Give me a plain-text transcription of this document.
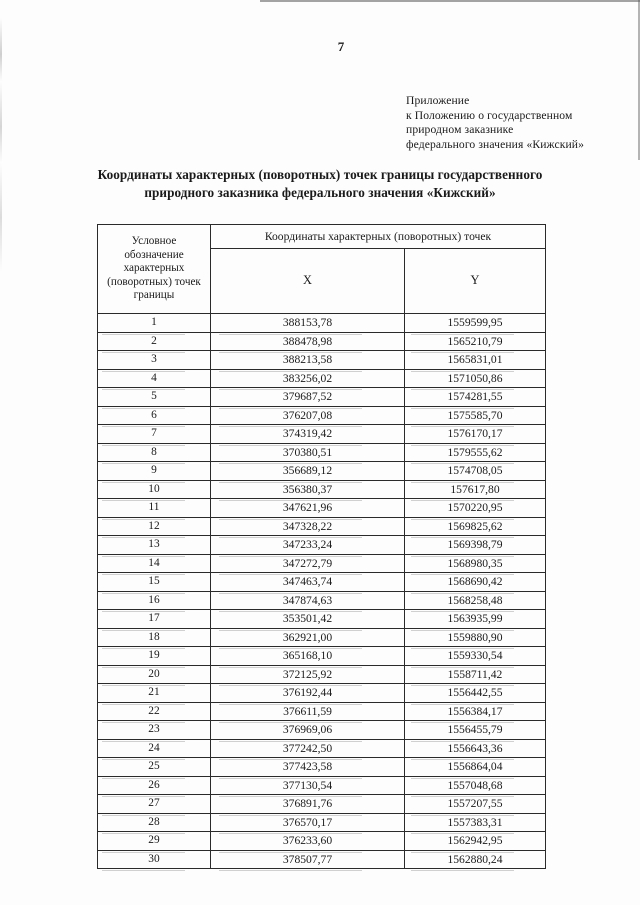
7
Приложение
к Положению о государственном
природном заказнике
федерального значения «Кижский»
Координаты характерных (поворотных) точек границы государственного
природного заказника федерального значения «Кижский»
Условное
обозначение
характерных
(поворотных) точек
границы	Координаты характерных (поворотных) точек	
	X	Y
1	388153,78	1559599,95
2	388478,98	1565210,79
3	388213,58	1565831,01
4	383256,02	1571050,86
5	379687,52	1574281,55
6	376207,08	1575585,70
7	374319,42	1576170,17
8	370380,51	1579555,62
9	356689,12	1574708,05
10	356380,37	157617,80
11	347621,96	1570220,95
12	347328,22	1569825,62
13	347233,24	1569398,79
14	347272,79	1568980,35
15	347463,74	1568690,42
16	347874,63	1568258,48
17	353501,42	1563935,99
18	362921,00	1559880,90
19	365168,10	1559330,54
20	372125,92	1558711,42
21	376192,44	1556442,55
22	376611,59	1556384,17
23	376969,06	1556455,79
24	377242,50	1556643,36
25	377423,58	1556864,04
26	377130,54	1557048,68
27	376891,76	1557207,55
28	376570,17	1557383,31
29	376233,60	1562942,95
30	378507,77	1562880,24
